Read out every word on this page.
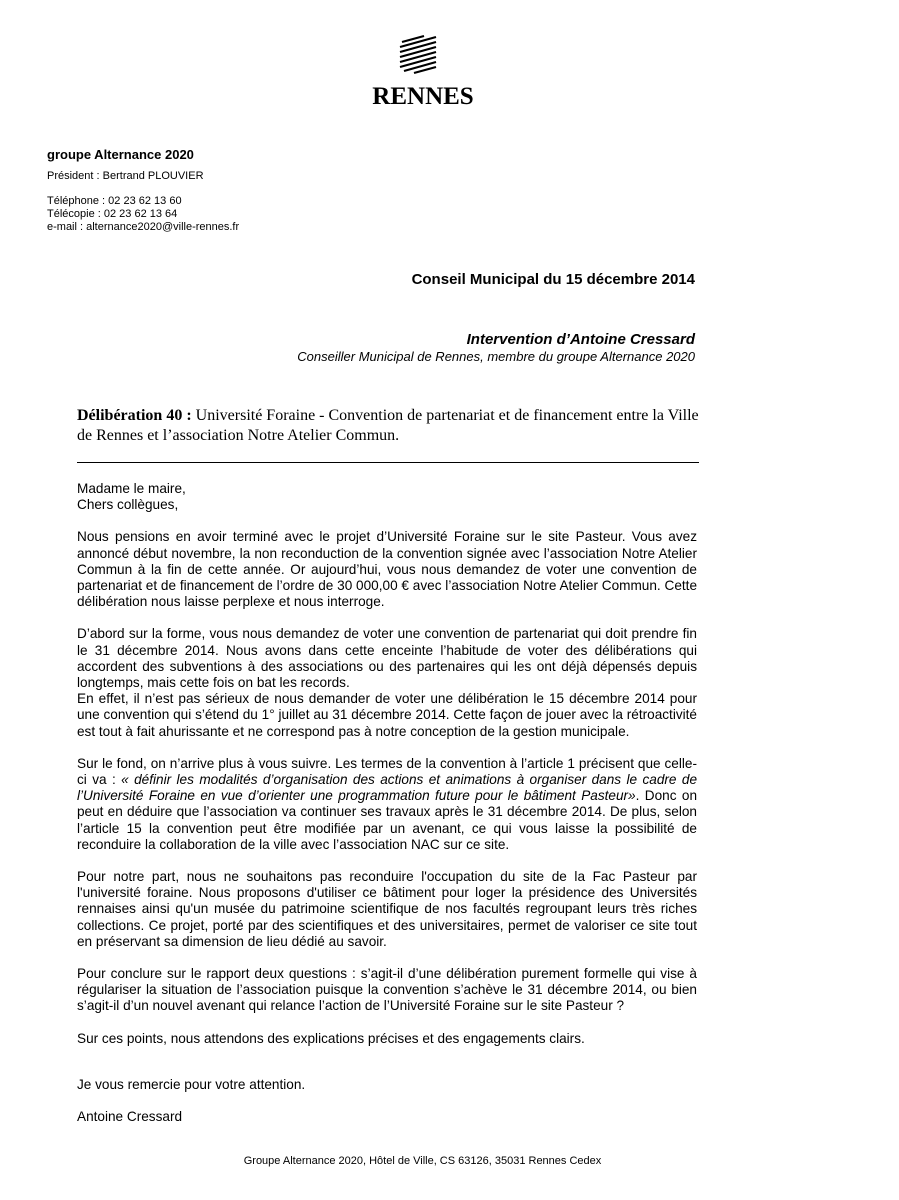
RENNES
groupe Alternance 2020
Président : Bertrand PLOUVIER
Téléphone : 02 23 62 13 60
Télécopie : 02 23 62 13 64
e-mail : alternance2020@ville-rennes.fr
Conseil Municipal du 15 décembre 2014
Intervention d’Antoine Cressard
Conseiller Municipal de Rennes, membre du groupe Alternance 2020
Délibération 40 : Université Foraine - Convention de partenariat et de financement entre la Ville de Rennes et l’association Notre Atelier Commun.

Madame le maire,

Chers collègues,

Nous pensions en avoir terminé avec le projet d’Université Foraine sur le site Pasteur. Vous avez annoncé début novembre, la non reconduction de la convention signée avec l’association Notre Atelier Commun à la fin de cette année. Or aujourd’hui, vous nous demandez de voter une convention de partenariat et de financement de l’ordre de 30 000,00 € avec l’association Notre Atelier Commun. Cette délibération nous laisse perplexe et nous interroge.

D’abord sur la forme, vous nous demandez de voter une convention de partenariat qui doit prendre fin le 31 décembre 2014. Nous avons dans cette enceinte l’habitude de voter des délibérations qui accordent des subventions à des associations ou des partenaires qui les ont déjà dépensés depuis longtemps, mais cette fois on bat les records.

En effet, il n’est pas sérieux de nous demander de voter une délibération le 15 décembre 2014 pour une convention qui s’étend du 1° juillet au 31 décembre 2014. Cette façon de jouer avec la rétroactivité est tout à fait ahurissante et ne correspond pas à notre conception de la gestion municipale.

Sur le fond, on n’arrive plus à vous suivre. Les termes de la convention à l’article 1 précisent que celle-ci va : « définir les modalités d’organisation des actions et animations à organiser dans le cadre de l’Université Foraine en vue d’orienter une programmation future pour le bâtiment Pasteur». Donc on peut en déduire que l’association va continuer ses travaux après le 31 décembre 2014. De plus, selon l’article 15 la convention peut être modifiée par un avenant, ce qui vous laisse la possibilité de reconduire la collaboration de la ville avec l’association NAC sur ce site.

Pour notre part, nous ne souhaitons pas reconduire l'occupation du site de la Fac Pasteur par l'université foraine. Nous proposons d'utiliser ce bâtiment pour loger la présidence des Universités rennaises ainsi qu'un musée du patrimoine scientifique de nos facultés regroupant leurs très riches collections. Ce projet, porté par des scientifiques et des universitaires, permet de valoriser ce site tout en préservant sa dimension de lieu dédié au savoir.

Pour conclure sur le rapport deux questions : s’agit-il d’une délibération purement formelle qui vise à régulariser la situation de l’association puisque la convention s’achève le 31 décembre 2014, ou bien s’agit-il d’un nouvel avenant qui relance l’action de l’Université Foraine sur le site Pasteur ?

Sur ces points, nous attendons des explications précises et des engagements clairs.

Je vous remercie pour votre attention.

Antoine Cressard

Groupe Alternance 2020, Hôtel de Ville, CS 63126, 35031 Rennes Cedex
